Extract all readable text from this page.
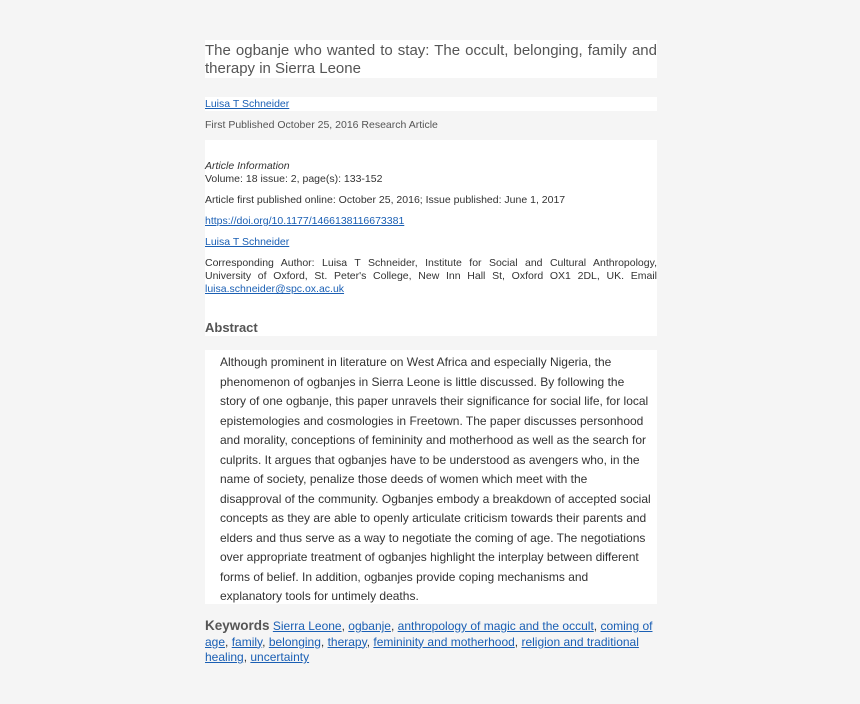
The ogbanje who wanted to stay: The occult, belonging, family and therapy in Sierra Leone
Luisa T Schneider
First Published October 25, 2016 Research Article
Article Information
Volume: 18 issue: 2, page(s): 133-152
Article first published online: October 25, 2016; Issue published: June 1, 2017
https://doi.org/10.1177/1466138116673381
Luisa T Schneider
Corresponding Author: Luisa T Schneider, Institute for Social and Cultural Anthropology, University of Oxford, St. Peter's College, New Inn Hall St, Oxford OX1 2DL, UK. Email luisa.schneider@spc.ox.ac.uk
Abstract
Although prominent in literature on West Africa and especially Nigeria, the phenomenon of ogbanjes in Sierra Leone is little discussed. By following the story of one ogbanje, this paper unravels their significance for social life, for local epistemologies and cosmologies in Freetown. The paper discusses personhood and morality, conceptions of femininity and motherhood as well as the search for culprits. It argues that ogbanjes have to be understood as avengers who, in the name of society, penalize those deeds of women which meet with the disapproval of the community. Ogbanjes embody a breakdown of accepted social concepts as they are able to openly articulate criticism towards their parents and elders and thus serve as a way to negotiate the coming of age. The negotiations over appropriate treatment of ogbanjes highlight the interplay between different forms of belief. In addition, ogbanjes provide coping mechanisms and explanatory tools for untimely deaths.
Keywords Sierra Leone, ogbanje, anthropology of magic and the occult, coming of age, family, belonging, therapy, femininity and motherhood, religion and traditional healing, uncertainty
